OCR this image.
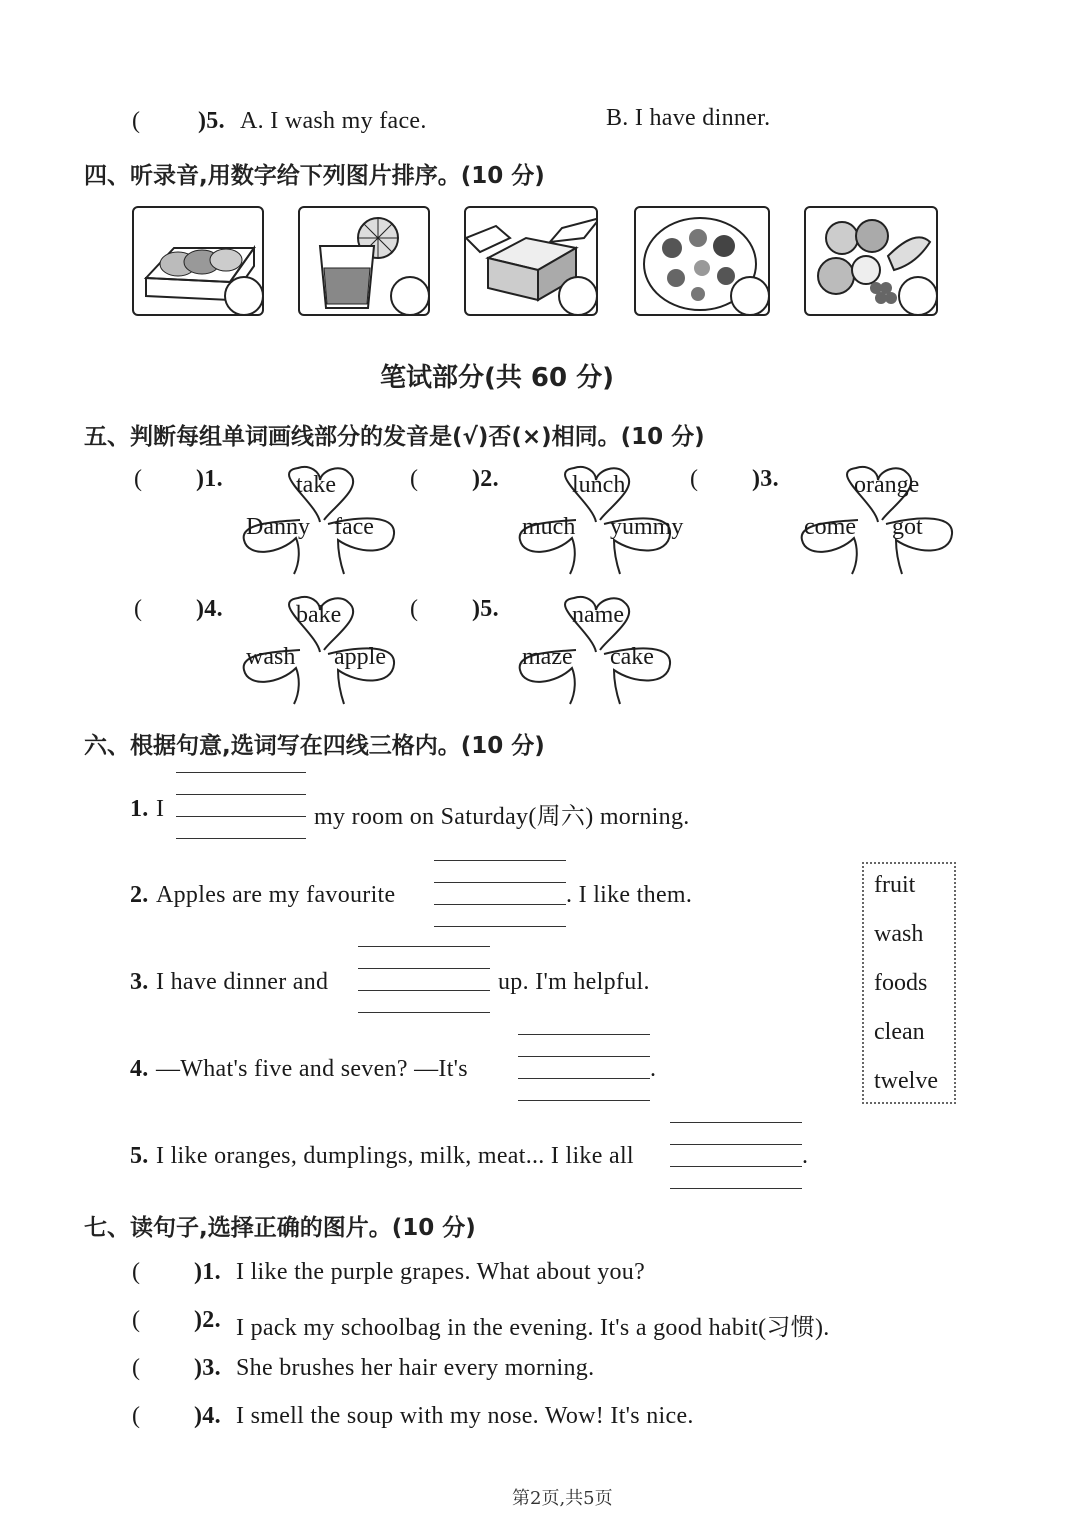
( )5. A. I wash my face.	B. I have dinner.
四、听录音,用数字给下列图片排序。(10 分)
笔试部分(共 60 分)
五、判断每组单词画线部分的发音是(√)否(×)相同。(10 分)
( )1.	take
Danny face
( )2.	lunch
much yummy
( )3.	orange
come got
( )4.	bake
wash apple
( )5.	name
maze cake
六、根据句意,选词写在四线三格内。(10 分)
1. I	my room on Saturday(周六) morning.
2. Apples are my favourite	. I like them.
3. I have dinner and	up. I'm helpful.
4. —What's five and seven? —It's	.
5. I like oranges, dumplings, milk, meat... I like all	.
fruit
wash
foods
clean
twelve
七、读句子,选择正确的图片。(10 分)
( )1. I like the purple grapes. What about you?
( )2. I pack my schoolbag in the evening. It's a good habit(习惯).
( )3. She brushes her hair every morning.
( )4. I smell the soup with my nose. Wow! It's nice.
第2页,共5页
